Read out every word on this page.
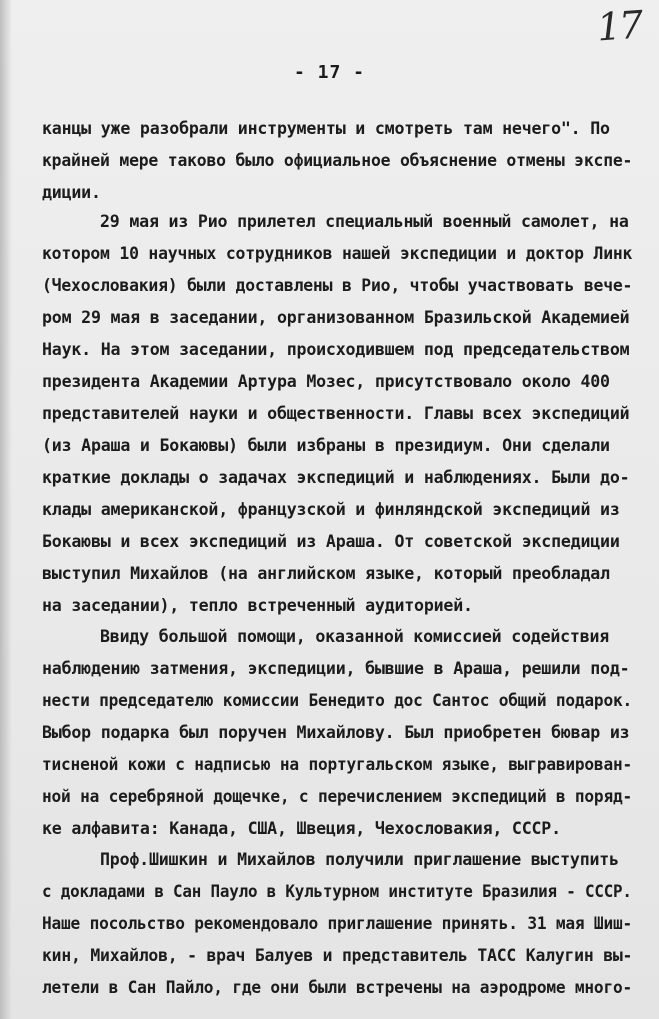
17
- 17 -
канцы уже разобрали инструменты и смотреть там нечего". По
крайней мере таково было официальное объяснение отмены экспе-
диции.
29 мая из Рио прилетел специальный военный самолет, на
котором 10 научных сотрудников нашей экспедиции и доктор Линк
(Чехословакия) были доставлены в Рио, чтобы участвовать вече-
ром 29 мая в заседании, организованном Бразильской Академией
Наук. На этом заседании, происходившем под председательством
президента Академии Артура Мозес, присутствовало около 400
представителей науки и общественности. Главы всех экспедиций
(из Араша и Бокаювы) были избраны в президиум. Они сделали
краткие доклады о задачах экспедиций и наблюдениях. Были до-
клады американской, французской и финляндской экспедиций из
Бокаювы и всех экспедиций из Араша. От советской экспедиции
выступил Михайлов (на английском языке, который преобладал
на заседании), тепло встреченный аудиторией.
Ввиду большой помощи, оказанной комиссией содействия
наблюдению затмения, экспедиции, бывшие в Араша, решили под-
нести председателю комиссии Бенедито дос Сантос общий подарок.
Выбор подарка был поручен Михайлову. Был приобретен бювар из
тисненой кожи с надписью на португальском языке, выгравирован-
ной на серебряной дощечке, с перечислением экспедиций в поряд-
ке алфавита: Канада, США, Швеция, Чехословакия, СССР.
Проф.Шишкин и Михайлов получили приглашение выступить
с докладами в Сан Пауло в Культурном институте Бразилия - СССР.
Наше посольство рекомендовало приглашение принять. 31 мая Шиш-
кин, Михайлов, - врач Балуев и представитель ТАСС Калугин вы-
летели в Сан Пайло, где они были встречены на аэродроме много-
